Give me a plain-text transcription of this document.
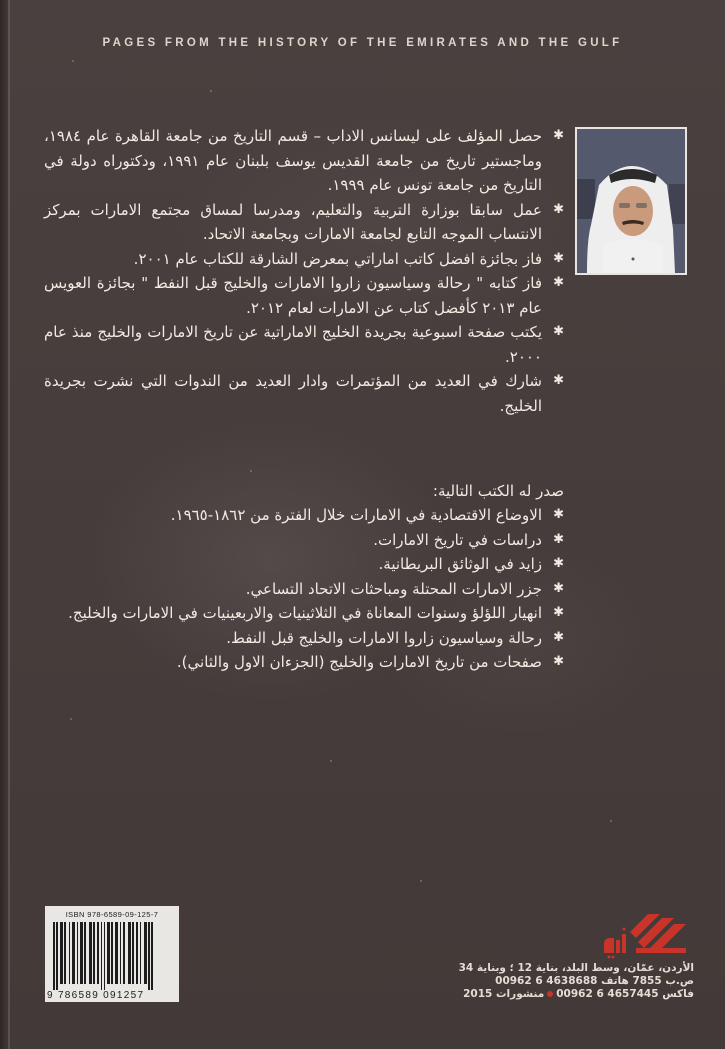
PAGES FROM THE HISTORY OF THE EMIRATES AND THE GULF

✱ حصل المؤلف على ليسانس الاداب – قسم التاريخ من جامعة القاهرة عام ١٩٨٤، وماجستير تاريخ من جامعة القديس يوسف بلبنان عام ١٩٩١، ودكتوراه دولة في التاريخ من جامعة تونس عام ١٩٩٩.

✱ عمل سابقا بوزارة التربية والتعليم، ومدرسا لمساق مجتمع الامارات بمركز الانتساب الموجه التابع لجامعة الامارات وبجامعة الاتحاد.

✱ فاز بجائزة افضل كاتب اماراتي بمعرض الشارقة للكتاب عام ٢٠٠١.

✱ فاز كتابه " رحالة وسياسيون زاروا الامارات والخليج قبل النفط " بجائزة العويس عام ٢٠١٣ كأفضل كتاب عن الامارات لعام ٢٠١٢.

✱ يكتب صفحة اسبوعية بجريدة الخليج الاماراتية عن تاريخ الامارات والخليج منذ عام ٢٠٠٠.

✱ شارك في العديد من المؤتمرات وادار العديد من الندوات التي نشرت بجريدة الخليج.

صدر له الكتب التالية:

✱ الاوضاع الاقتصادية في الامارات خلال الفترة من ١٨٦٢-١٩٦٥.

✱ دراسات في تاريخ الامارات.

✱ زايد في الوثائق البريطانية.

✱ جزر الامارات المحتلة ومباحثات الاتحاد التساعي.

✱ انهيار اللؤلؤ وسنوات المعاناة في الثلاثينيات والاربعينيات في الامارات والخليج.

✱ رحالة وسياسيون زاروا الامارات والخليج قبل النفط.

✱ صفحات من تاريخ الامارات والخليج (الجزءان الاول والثاني).

ISBN 978-6589-09-125-7
9 786589 091257
الأردن، عمّان، وسط البلد، بناية 12 ؛ وبناية 34
ص.ب 7855 هاتف 4638688 6 00962
فاكس 4657445 6 00962منشورات 2015
